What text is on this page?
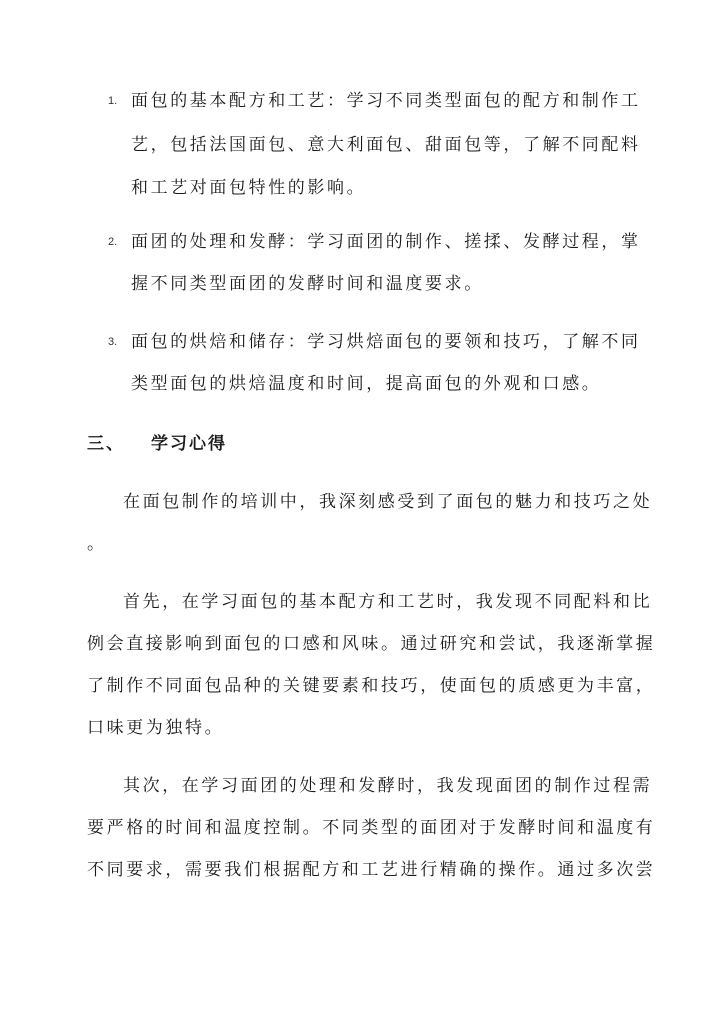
1. 面包的基本配方和工艺：学习不同类型面包的配方和制作工
艺，包括法国面包、意大利面包、甜面包等，了解不同配料
和工艺对面包特性的影响。
2. 面团的处理和发酵：学习面团的制作、搓揉、发酵过程，掌
握不同类型面团的发酵时间和温度要求。
3. 面包的烘焙和储存：学习烘焙面包的要领和技巧，了解不同
类型面包的烘焙温度和时间，提高面包的外观和口感。
三、 学习心得
在面包制作的培训中，我深刻感受到了面包的魅力和技巧之处
。
首先，在学习面包的基本配方和工艺时，我发现不同配料和比
例会直接影响到面包的口感和风味。通过研究和尝试，我逐渐掌握
了制作不同面包品种的关键要素和技巧，使面包的质感更为丰富，
口味更为独特。
其次，在学习面团的处理和发酵时，我发现面团的制作过程需
要严格的时间和温度控制。不同类型的面团对于发酵时间和温度有
不同要求，需要我们根据配方和工艺进行精确的操作。通过多次尝
